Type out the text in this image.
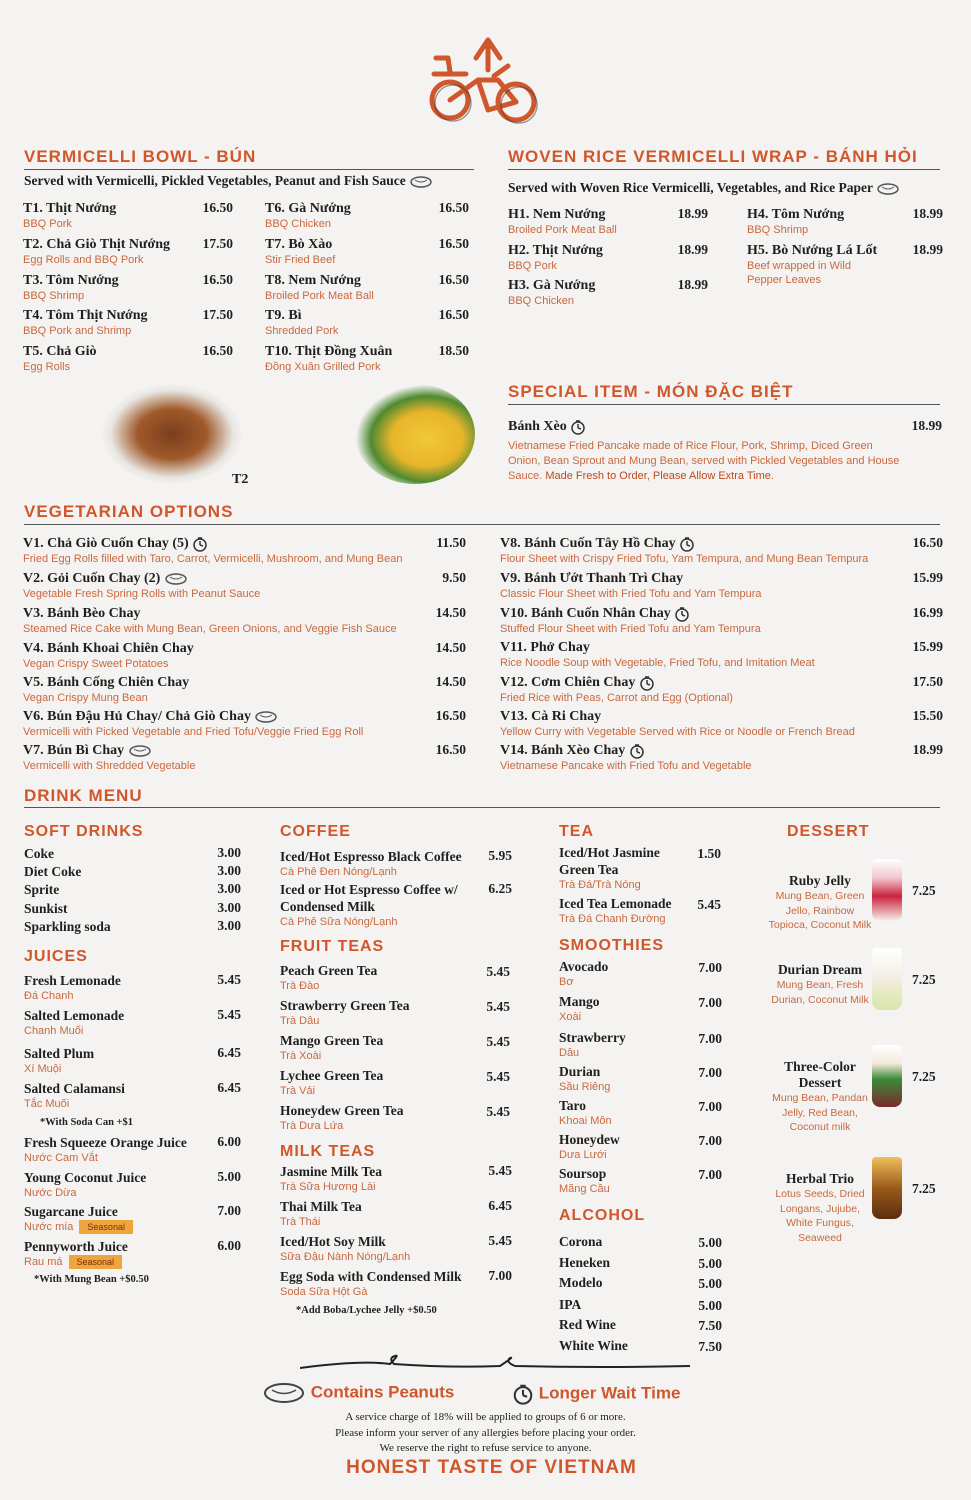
VERMICELLI BOWL - BÚN
Served with Vermicelli, Pickled Vegetables, Peanut and Fish Sauce
T1. Thịt Nướng
BBQ Pork
16.50
T2. Chả Giò Thịt Nướng
Egg Rolls and BBQ Pork
17.50
T3. Tôm Nướng
BBQ Shrimp
16.50
T4. Tôm Thịt Nướng
BBQ Pork and Shrimp
17.50
T5. Chả Giò
Egg Rolls
16.50
T6. Gà Nướng
BBQ Chicken
16.50
T7. Bò Xào
Stir Fried Beef
16.50
T8. Nem Nướng
Broiled Pork Meat Ball
16.50
T9. Bì
Shredded Pork
16.50
T10. Thịt Đồng Xuân
Đồng Xuân Grilled Pork
18.50
T2
WOVEN RICE VERMICELLI WRAP - BÁNH HỎI
Served with Woven Rice Vermicelli, Vegetables, and Rice Paper
H1. Nem Nướng
Broiled Pork Meat Ball
18.99
H2. Thịt Nướng
BBQ Pork
18.99
H3. Gà Nướng
BBQ Chicken
18.99
H4. Tôm Nướng
BBQ Shrimp
18.99
H5. Bò Nướng Lá Lốt
Beef wrapped in Wild Pepper Leaves
18.99
SPECIAL ITEM - MÓN ĐẶC BIỆT
Bánh Xèo	18.99
Vietnamese Fried Pancake made of Rice Flour, Pork, Shrimp, Diced Green Onion, Bean Sprout and Mung Bean, served with Pickled Vegetables and House Sauce. Made Fresh to Order, Please Allow Extra Time.
VEGETARIAN OPTIONS
V1. Chả Giò Cuốn Chay (5)
Fried Egg Rolls filled with Taro, Carrot, Vermicelli, Mushroom, and Mung Bean
11.50
V2. Gỏi Cuốn Chay (2)
Vegetable Fresh Spring Rolls with Peanut Sauce
9.50
V3. Bánh Bèo Chay
Steamed Rice Cake with Mung Bean, Green Onions, and Veggie Fish Sauce
14.50
V4. Bánh Khoai Chiên Chay
Vegan Crispy Sweet Potatoes
14.50
V5. Bánh Cống Chiên Chay
Vegan Crispy Mung Bean
14.50
V6. Bún Đậu Hủ Chay/ Chả Giò Chay
Vermicelli with Picked Vegetable and Fried Tofu/Veggie Fried Egg Roll
16.50
V7. Bún Bì Chay
Vermicelli with Shredded Vegetable
16.50
V8. Bánh Cuốn Tây Hồ Chay
Flour Sheet with Crispy Fried Tofu, Yam Tempura, and Mung Bean Tempura
16.50
V9. Bánh Ướt Thanh Trì Chay
Classic Flour Sheet with Fried Tofu and Yam Tempura
15.99
V10. Bánh Cuốn Nhân Chay
Stuffed Flour Sheet with Fried Tofu and Yam Tempura
16.99
V11. Phở Chay
Rice Noodle Soup with Vegetable, Fried Tofu, and Imitation Meat
15.99
V12. Cơm Chiên Chay
Fried Rice with Peas, Carrot and Egg (Optional)
17.50
V13. Cà Ri Chay
Yellow Curry with Vegetable Served with Rice or Noodle or French Bread
15.50
V14. Bánh Xèo Chay
Vietnamese Pancake with Fried Tofu and Vegetable
18.99
DRINK MENU
SOFT DRINKS
Coke	3.00
Diet Coke	3.00
Sprite	3.00
Sunkist	3.00
Sparkling soda	3.00
JUICES
Fresh Lemonade
Đá Chanh
5.45
Salted Lemonade
Chanh Muối
5.45
Salted Plum
Xí Muội
6.45
Salted Calamansi
Tắc Muối
6.45
Fresh Squeeze Orange Juice
Nước Cam Vắt
6.00
Young Coconut Juice
Nước Dừa
5.00
Sugarcane Juice
Nước mía Seasonal
7.00
Pennyworth Juice
Rau má Seasonal
6.00
*With Soda Can +$1
*With Mung Bean +$0.50
COFFEE
Iced/Hot Espresso Black Coffee
Cà Phê Đen Nóng/Lạnh
5.95
Iced or Hot Espresso Coffee w/ Condensed Milk
Cà Phê Sữa Nóng/Lạnh
6.25
FRUIT TEAS
Peach Green Tea
Trà Đào
5.45
Strawberry Green Tea
Trà Dâu
5.45
Mango Green Tea
Trà Xoài
5.45
Lychee Green Tea
Trà Vải
5.45
Honeydew Green Tea
Trà Dưa Lứa
5.45
MILK TEAS
Jasmine Milk Tea
Trà Sữa Hương Lài
5.45
Thai Milk Tea
Trà Thái
6.45
Iced/Hot Soy Milk
Sữa Đậu Nành Nóng/Lạnh
5.45
Egg Soda with Condensed Milk
Soda Sữa Hột Gà
7.00
*Add Boba/Lychee Jelly +$0.50
TEA
Iced/Hot Jasmine Green Tea
Trà Đá/Trà Nóng
1.50
Iced Tea Lemonade
Trà Đá Chanh Đường
5.45
SMOOTHIES
Avocado
Bơ
7.00
Mango
Xoài
7.00
Strawberry
Dâu
7.00
Durian
Sầu Riêng
7.00
Taro
Khoai Môn
7.00
Honeydew
Dưa Lưới
7.00
Soursop
Mãng Cầu
7.00
ALCOHOL
Corona	5.00
Heneken	5.00
Modelo	5.00
IPA	5.00
Red Wine	7.50
White Wine	7.50
DESSERT
Ruby Jelly
Mung Bean, Green Jello, Rainbow Topioca, Coconut Milk
7.25
Durian Dream
Mung Bean, Fresh Durian, Coconut Milk
7.25
Three-Color Dessert
Mung Bean, Pandan Jelly, Red Bean, Coconut milk
7.25
Herbal Trio
Lotus Seeds, Dried Longans, Jujube, White Fungus, Seaweed
7.25
Contains Peanuts	Longer Wait Time
A service charge of 18% will be applied to groups of 6 or more.
Please inform your server of any allergies before placing your order.
We reserve the right to refuse service to anyone.
HONEST TASTE OF VIETNAM
